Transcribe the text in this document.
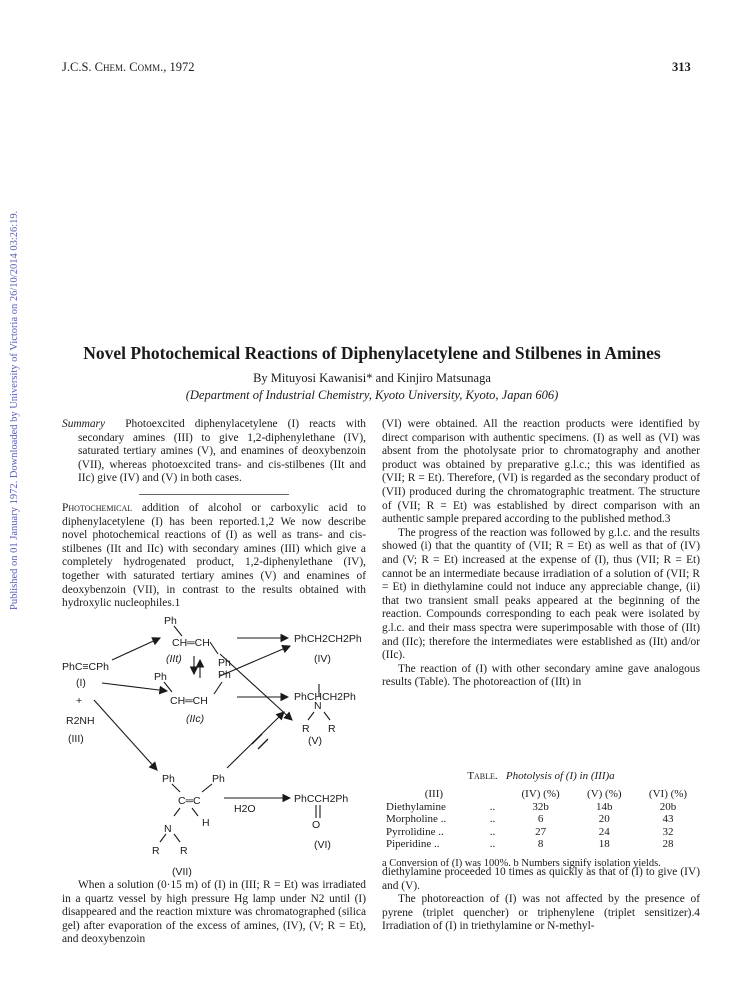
J.C.S. Chem. Comm., 1972	313
Published on 01 January 1972. Downloaded by University of Victoria on 26/10/2014 03:26:19.	Novel Photochemical Reactions of Diphenylacetylene and Stilbenes in Amines
By Mituyosi Kawanisi* and Kinjiro Matsunaga
(Department of Industrial Chemistry, Kyoto University, Kyoto, Japan 606)

Summary Photoexcited diphenylacetylene (I) reacts with secondary amines (III) to give 1,2-diphenylethane (IV), saturated tertiary amines (V), and enamines of deoxybenzoin (VII), whereas photoexcited trans- and cis-stilbenes (IIt and IIc) give (IV) and (V) in both cases.

Photochemical addition of alcohol or carboxylic acid to diphenylacetylene (I) has been reported.1,2 We now describe novel photochemical reactions of (I) as well as trans- and cis-stilbenes (IIt and IIc) with secondary amines (III) which give a completely hydrogenated product, 1,2-diphenylethane (IV), together with saturated tertiary amines (V) and enamines of deoxybenzoin (VII), in contrast to the results obtained with hydroxylic nucleophiles.1

Ph
CH═CH
(IIt)	Ph
PhCH2CH2Ph
(IV)
PhC≡CPh
(I)
+
R2NH
(III)
Ph	Ph
CH═CH
(IIc)
PhCHCH2Ph
N
R R
(V)
Ph	Ph
C═C
H2O
N	H
R R
PhCCH2Ph
O
(VI)
(VII)

When a solution (0·15 m) of (I) in (III; R = Et) was irradiated in a quartz vessel by high pressure Hg lamp under N2 until (I) disappeared and the reaction mixture was chromatographed (silica gel) after evaporation of the excess of amines, (IV), (V; R = Et), and deoxybenzoin

(VI) were obtained. All the reaction products were identified by direct comparison with authentic specimens. (I) as well as (VI) was absent from the photolysate prior to chromatography and another product was obtained by preparative g.l.c.; this was identified as (VII; R = Et). Therefore, (VI) is regarded as the secondary product of (VII) produced during the chromatographic treatment. The structure of (VII; R = Et) was established by direct comparison with an authentic sample prepared according to the published method.3

The progress of the reaction was followed by g.l.c. and the results showed (i) that the quantity of (VII; R = Et) as well as that of (IV) and (V; R = Et) increased at the expense of (I), thus (VII; R = Et) cannot be an intermediate because irradiation of a solution of (VII; R = Et) in diethylamine could not induce any appreciable change, (ii) that two transient small peaks appeared at the beginning of the reaction. Compounds corresponding to each peak were isolated by g.l.c. and their mass spectra were superimposable with those of (IIt) and (IIc); therefore the intermediates were established as (IIt) and/or (IIc).

The reaction of (I) with other secondary amine gave analogous results (Table). The photoreaction of (IIt) in

Table. Photolysis of (I) in (III)a
(III)		(IV) (%)	(V) (%)	(VI) (%)
Diethylamine	..	32b	14b	20b
Morpholine ..	..	6	20	43
Pyrrolidine ..	..	27	24	32
Piperidine ..	..	8	18	28
a Conversion of (I) was 100%. b Numbers signify isolation yields.

diethylamine proceeded 10 times as quickly as that of (I) to give (IV) and (V).

The photoreaction of (I) was not affected by the presence of pyrene (triplet quencher) or triphenylene (triplet sensitizer).4 Irradiation of (I) in triethylamine or N-methyl-
